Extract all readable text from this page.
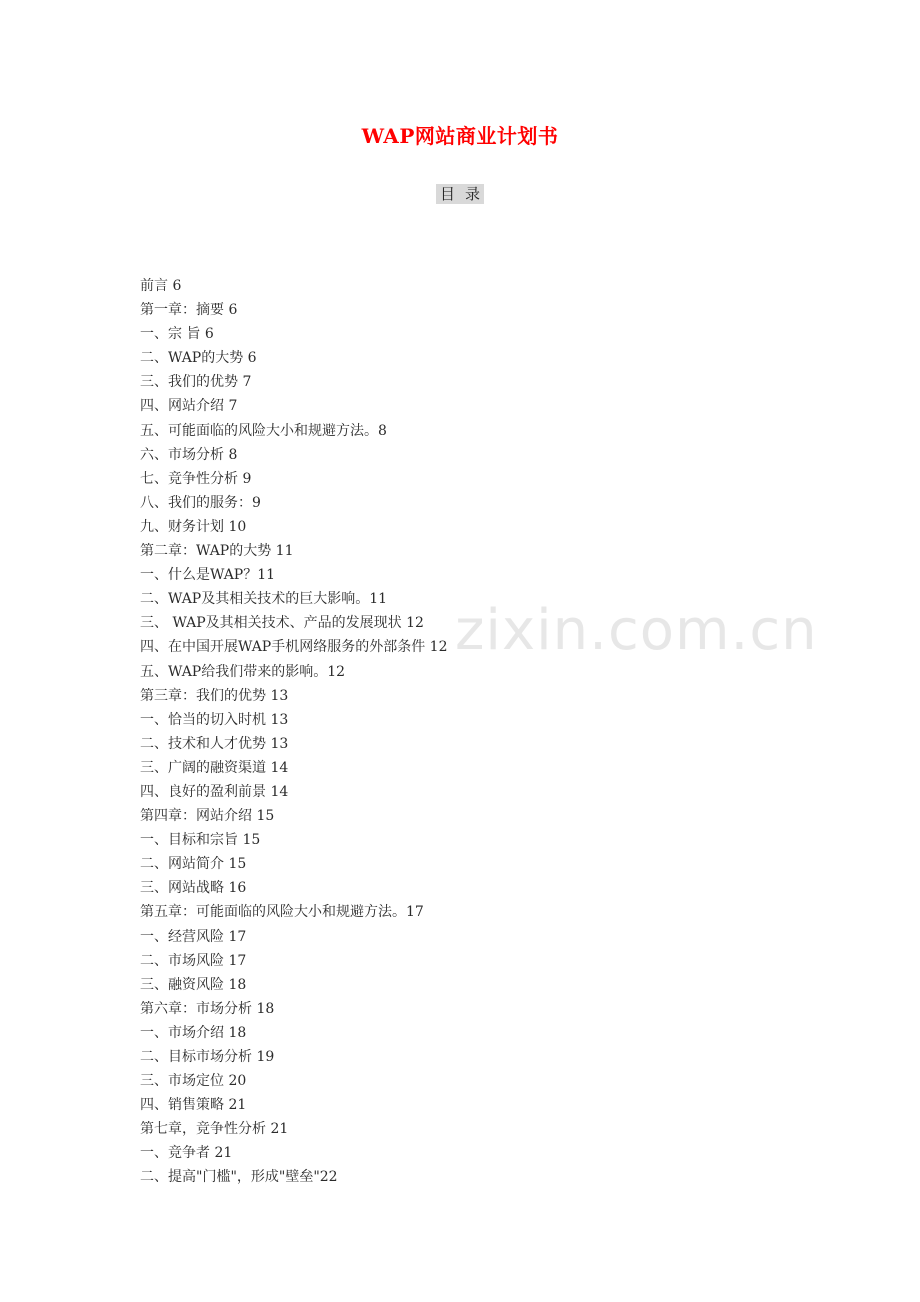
WAP网站商业计划书
目 录
前言 6
第一章：摘要 6
一、宗 旨 6
二、WAP的大势 6
三、我们的优势 7
四、网站介绍 7
五、可能面临的风险大小和规避方法。8
六、市场分析 8
七、竞争性分析 9
八、我们的服务：9
九、财务计划 10
第二章：WAP的大势 11
一、什么是WAP？11
二、WAP及其相关技术的巨大影响。11
三、 WAP及其相关技术、产品的发展现状 12
四、在中国开展WAP手机网络服务的外部条件 12
五、WAP给我们带来的影响。12
第三章：我们的优势 13
一、恰当的切入时机 13
二、技术和人才优势 13
三、广阔的融资渠道 14
四、良好的盈利前景 14
第四章：网站介绍 15
一、目标和宗旨 15
二、网站简介 15
三、网站战略 16
第五章：可能面临的风险大小和规避方法。17
一、经营风险 17
二、市场风险 17
三、融资风险 18
第六章：市场分析 18
一、市场介绍 18
二、目标市场分析 19
三、市场定位 20
四、销售策略 21
第七章，竞争性分析 21
一、竞争者 21
二、提高"门槛"，形成"壁垒"22
zixin.com.cn
